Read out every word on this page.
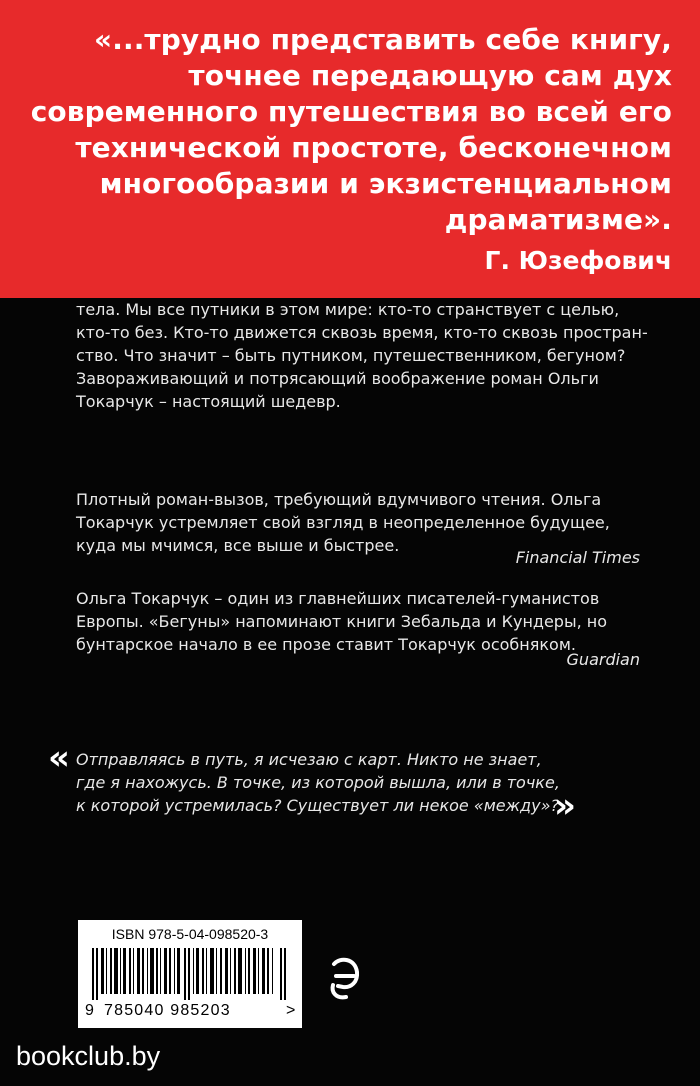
«...трудно представить себе книгу,
точнее передающую сам дух
современного путешествия во всей его
технической простоте, бесконечном
многообразии и экзистенциальном
драматизме».
Г. Юзефович
тела. Мы все путники в этом мире: кто-то странствует с целью,
кто-то без. Кто-то движется сквозь время, кто-то сквозь простран-
ство. Что значит – быть путником, путешественником, бегуном?
Завораживающий и потрясающий воображение роман Ольги
Токарчук – настоящий шедевр.
Плотный роман-вызов, требующий вдумчивого чтения. Ольга
Токарчук устремляет свой взгляд в неопределенное будущее,
куда мы мчимся, все выше и быстрее.
Financial Times
Ольга Токарчук – один из главнейших писателей-гуманистов
Европы. «Бегуны» напоминают книги Зебальда и Кундеры, но
бунтарское начало в ее прозе ставит Токарчук особняком.
Guardian
« Отправляясь в путь, я исчезаю с карт. Никто не знает,
где я нахожусь. В точке, из которой вышла, или в точке,
к которой устремилась? Существует ли некое «между»?
»
ISBN 978-5-04-098520-3
9 785040 985203	>
bookclub.by
